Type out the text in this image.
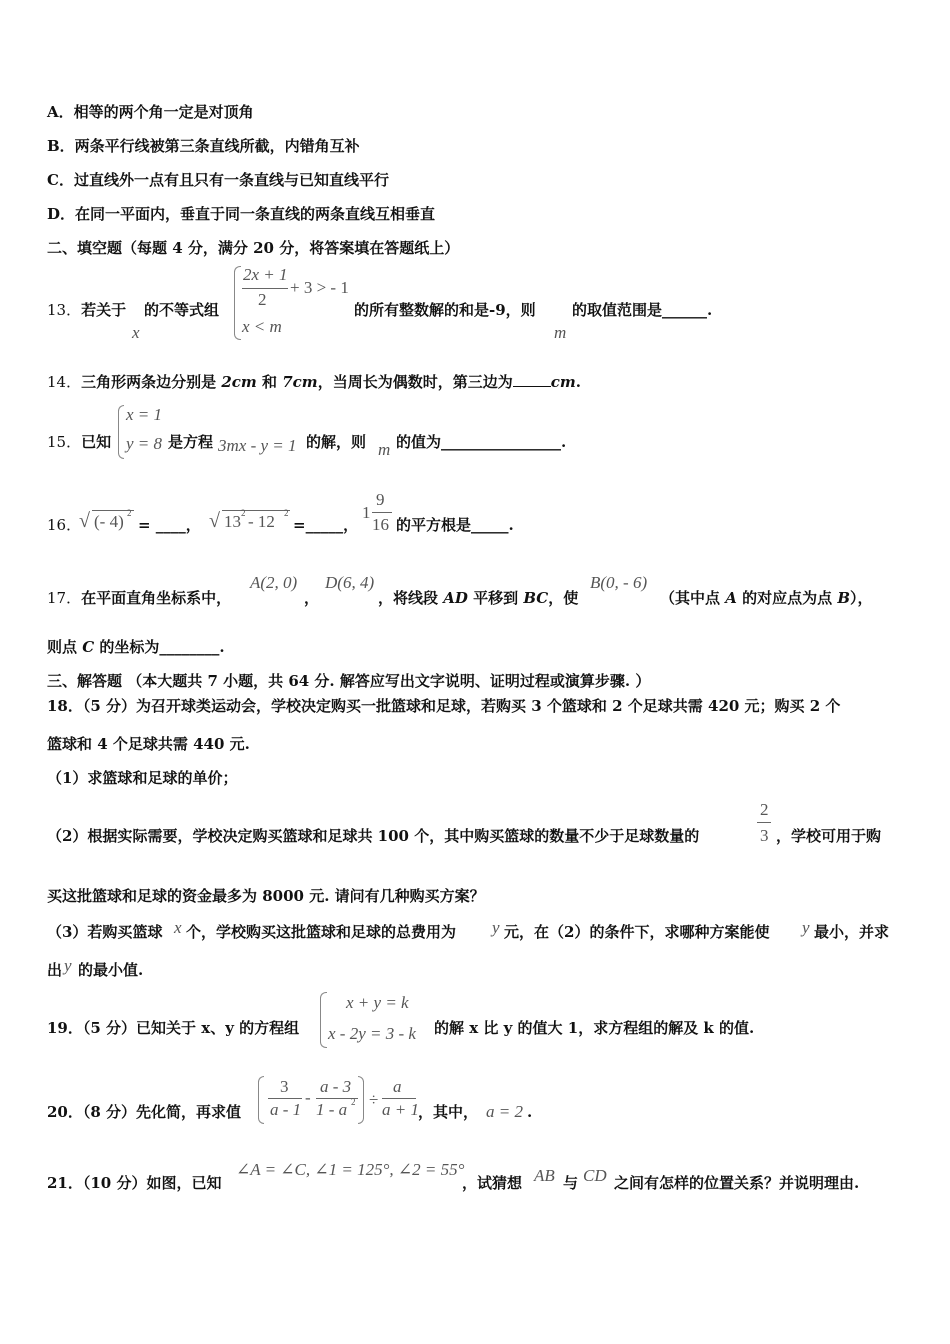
A．相等的两个角一定是对顶角
B．两条平行线被第三条直线所截，内错角互补
C．过直线外一点有且只有一条直线与已知直线平行
D．在同一平面内，垂直于同一条直线的两条直线互相垂直
二、填空题（每题 4 分，满分 20 分，将答案填在答题纸上）
13．若关于
x
的不等式组
2x + 1
2
+ 3 > - 1
x < m
的所有整数解的和是-9，则
m
的取值范围是______.
14．三角形两条边分别是 2cm 和 7cm，当周长为偶数时，第三边为	cm.
15．已知
x = 1
y = 8 是方程 3mx - y = 1 的解，则 m 的值为________________.
16．
√ (- 4) 2
= ____， √ 13 2 - 12 2
=_____，
1
9
16 的平方根是_____.
17．在平面直角坐标系中，
A(2, 0)
，
D(6, 4)
，将线段 AD 平移到 BC，使
B(0, - 6)
（其中点 A 的对应点为点 B），
则点 C 的坐标为________.
三、解答题 （本大题共 7 小题，共 64 分. 解答应写出文字说明、证明过程或演算步骤. ）
18．（5 分）为召开球类运动会，学校决定购买一批篮球和足球，若购买 3 个篮球和 2 个足球共需 420 元；购买 2 个
篮球和 4 个足球共需 440 元.
（1）求篮球和足球的单价；
（2）根据实际需要，学校决定购买篮球和足球共 100 个，其中购买篮球的数量不少于足球数量的
2
3 ，学校可用于购
买这批篮球和足球的资金最多为 8000 元. 请问有几种购买方案？
（3）若购买篮球 x 个，学校购买这批篮球和足球的总费用为 y 元，在（2）的条件下，求哪种方案能使 y 最小，并求
出 y 的最小值.
19．（5 分）已知关于 x、y 的方程组
x + y = k
x - 2y = 3 - k 的解 x 比 y 的值大 1，求方程组的解及 k 的值.
20．（8 分）先化简，再求值
3
a - 1
-
a - 3
1 - a 2 ÷
a
a + 1 ，其中， a = 2 .
21．（10 分）如图，已知
∠A = ∠C, ∠1 = 125°, ∠2 = 55°
，试猜想 AB 与 CD 之间有怎样的位置关系？并说明理由.
